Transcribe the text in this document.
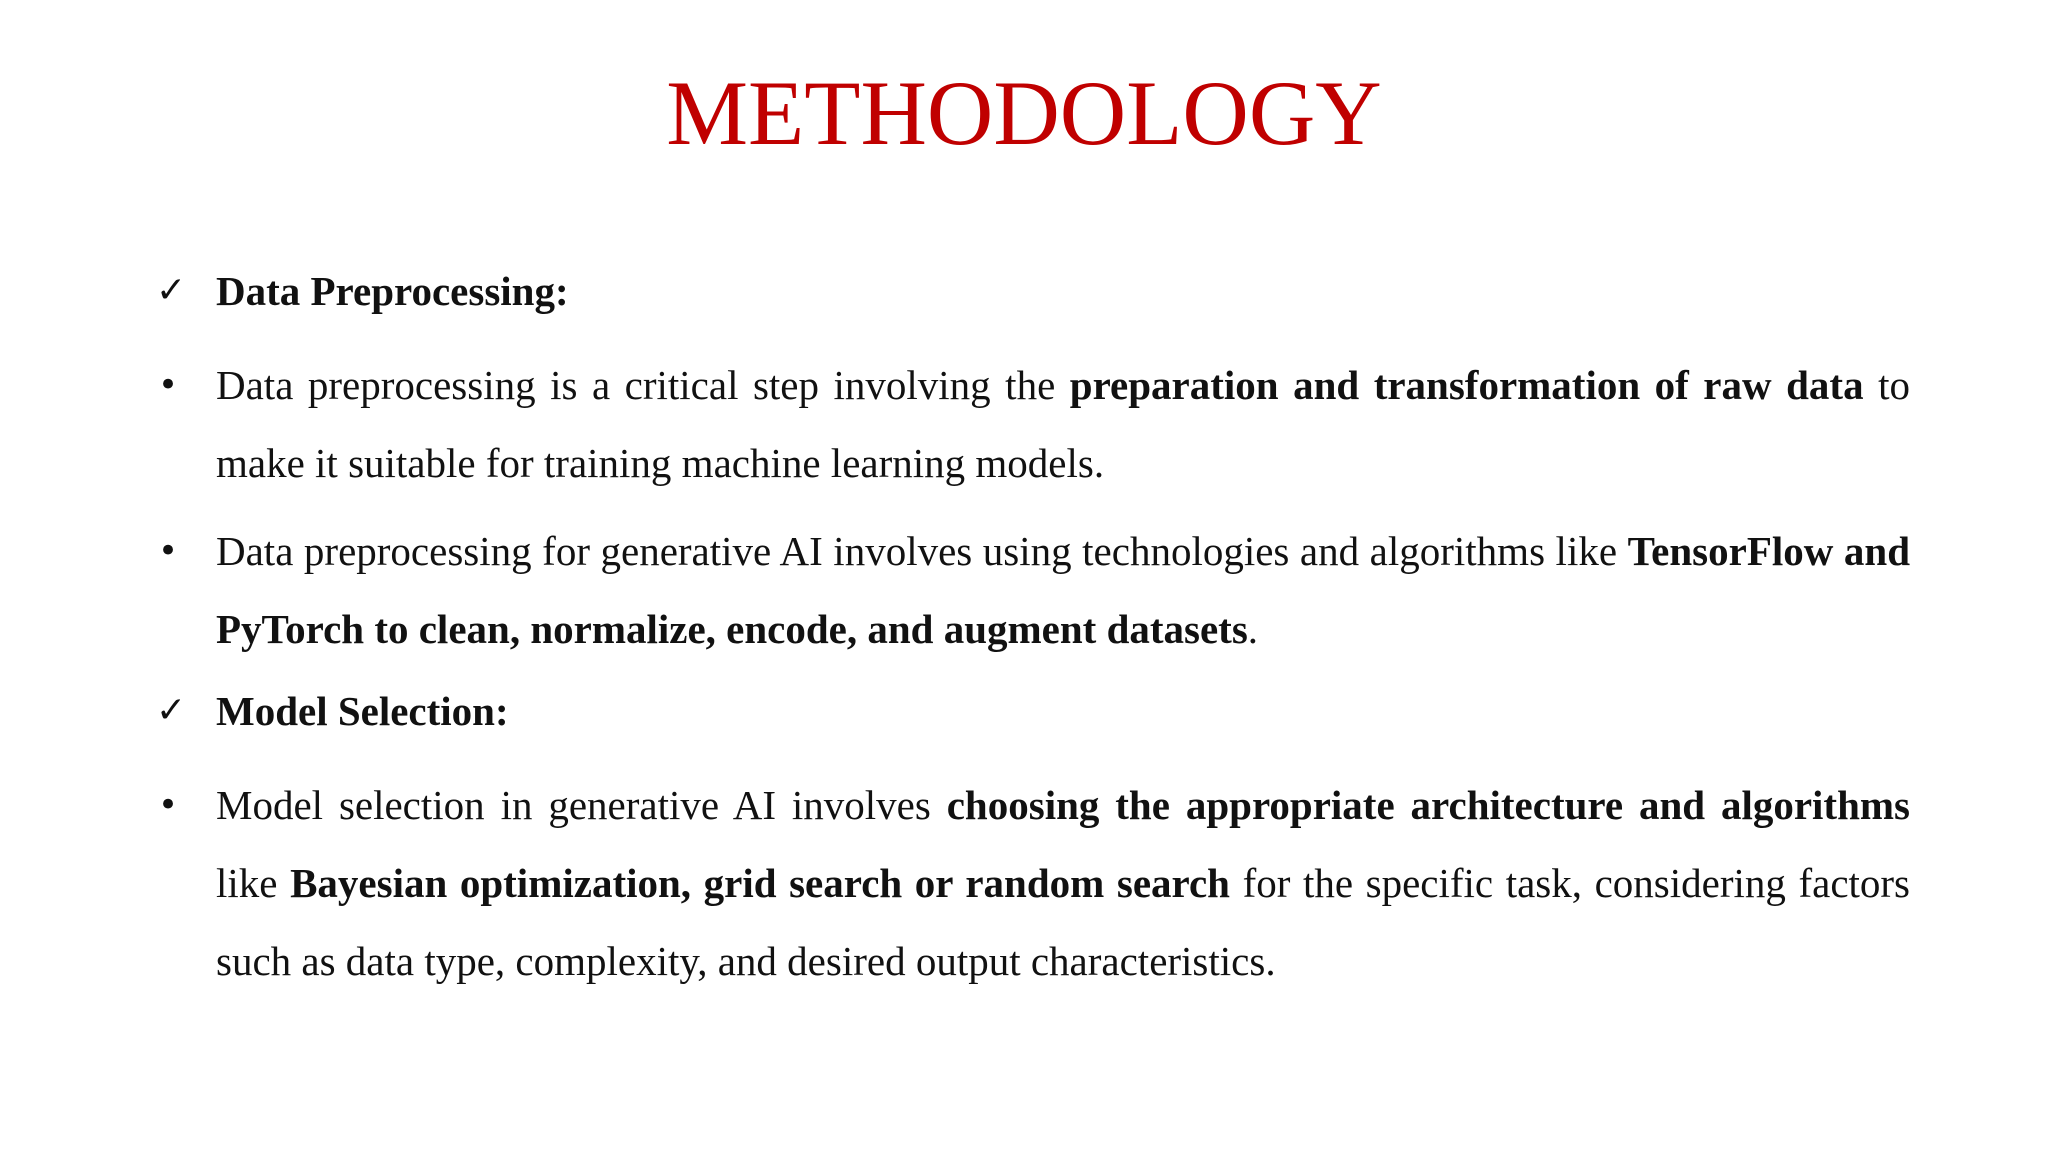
METHODOLOGY
✓ Data Preprocessing:
• Data preprocessing is a critical step involving the preparation and transformation of raw data to make it suitable for training machine learning models.
• Data preprocessing for generative AI involves using technologies and algorithms like TensorFlow and PyTorch to clean, normalize, encode, and augment datasets.
✓ Model Selection:
• Model selection in generative AI involves choosing the appropriate architecture and algorithms like Bayesian optimization, grid search or random search for the specific task, considering factors such as data type, complexity, and desired output characteristics.
